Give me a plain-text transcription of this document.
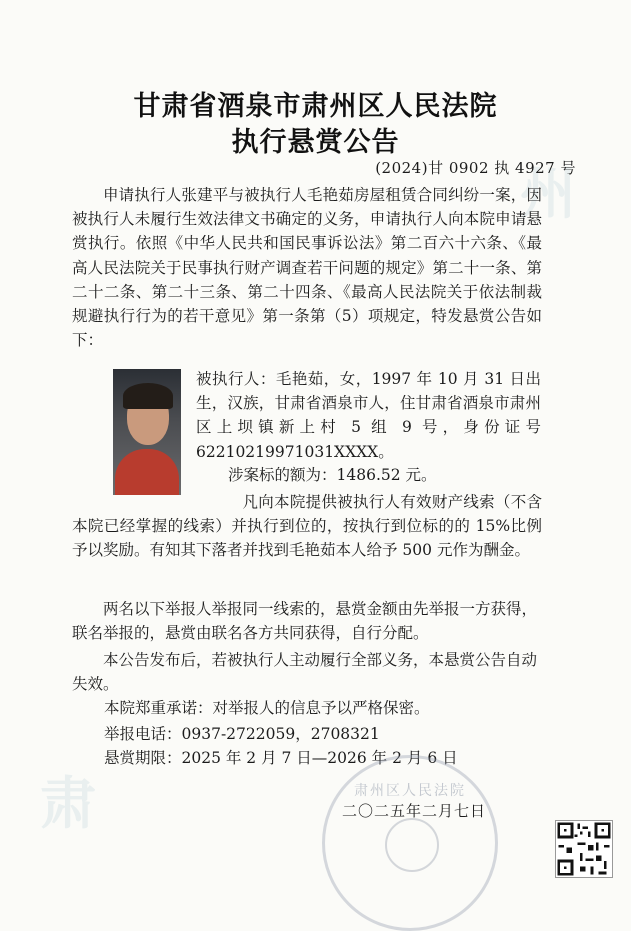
肃
州
甘肃省酒泉市肃州区人民法院
执行悬赏公告
(2024)甘 0902 执 4927 号

申请执行人张建平与被执行人毛艳茹房屋租赁合同纠纷一案，因被执行人未履行生效法律文书确定的义务，申请执行人向本院申请悬赏执行。依照《中华人民共和国民事诉讼法》第二百六十六条、《最高人民法院关于民事执行财产调查若干问题的规定》第二十一条、第二十二条、第二十三条、第二十四条、《最高人民法院关于依法制裁规避执行行为的若干意见》第一条第（5）项规定，特发悬赏公告如下：

被执行人：毛艳茹，女，1997 年 10 月 31 日出生，汉族，甘肃省酒泉市人，住甘肃省酒泉市肃州区上坝镇新上村 5 组 9 号，身份证号 62210219971031XXXX。

涉案标的额为：1486.52 元。

凡向本院提供被执行人有效财产线索（不含本院已经掌握的线索）并执行到位的，按执行到位标的的 15%比例予以奖励。有知其下落者并找到毛艳茹本人给予 500 元作为酬金。

两名以下举报人举报同一线索的，悬赏金额由先举报一方获得，联名举报的，悬赏由联名各方共同获得，自行分配。

本公告发布后，若被执行人主动履行全部义务，本悬赏公告自动失效。

本院郑重承诺：对举报人的信息予以严格保密。
举报电话：0937-2722059，2708321
悬赏期限：2025 年 2 月 7 日—2026 年 2 月 6 日
肃州区人民法院
二〇二五年二月七日
